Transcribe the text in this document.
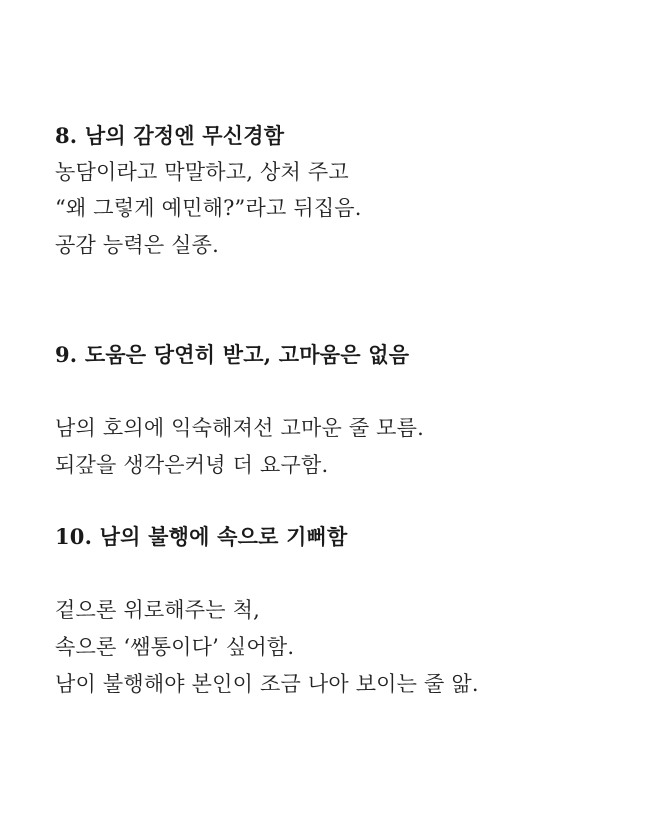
8. 남의 감정엔 무신경함
농담이라고 막말하고, 상처 주고
“왜 그렇게 예민해?”라고 뒤집음.
공감 능력은 실종.
9. 도움은 당연히 받고, 고마움은 없음
남의 호의에 익숙해져선 고마운 줄 모름.
되갚을 생각은커녕 더 요구함.
10. 남의 불행에 속으로 기뻐함
겉으론 위로해주는 척,
속으론 ‘쌤통이다’ 싶어함.
남이 불행해야 본인이 조금 나아 보이는 줄 앎.
